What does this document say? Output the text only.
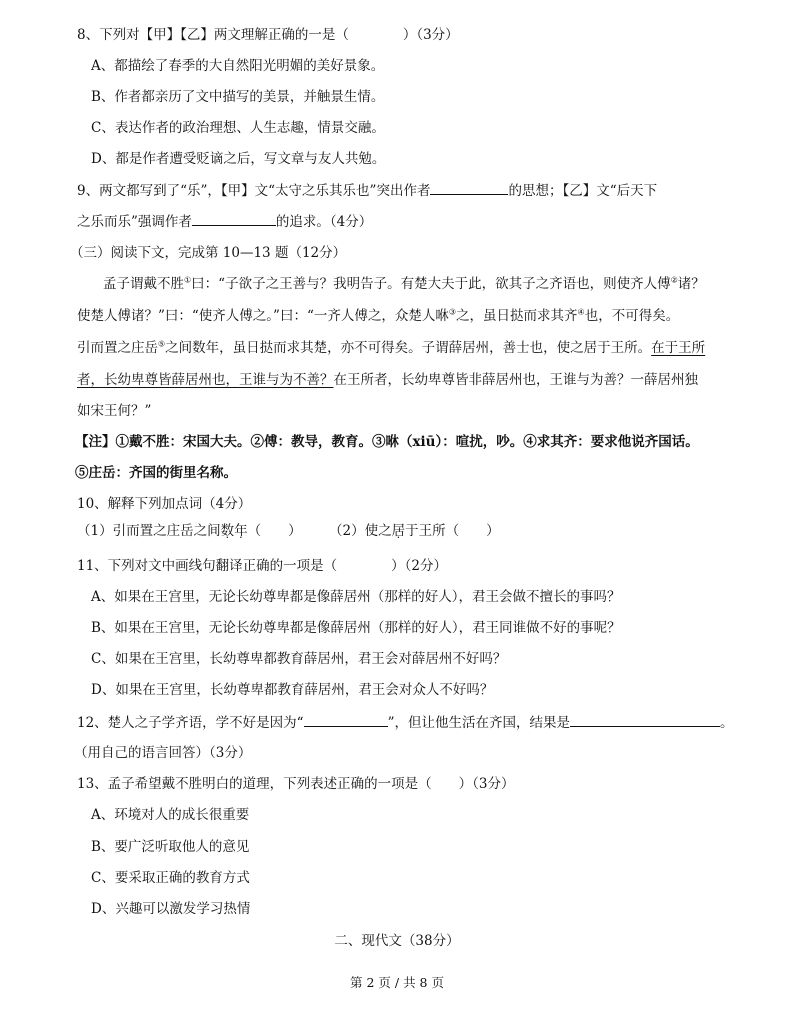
8、下列对【甲】【乙】两文理解正确的一是（　　　　）（3分）
A、都描绘了春季的大自然阳光明媚的美好景象。
B、作者都亲历了文中描写的美景，并触景生情。
C、表达作者的政治理想、人生志趣，情景交融。
D、都是作者遭受贬谪之后，写文章与友人共勉。
9、两文都写到了“乐”，【甲】文“太守之乐其乐也”突出作者	的思想；【乙】文“后天下
之乐而乐”强调作者	的追求。（4分）
（三）阅读下文，完成第 10—13 题（12分）
孟子谓戴不胜①曰：“子欲子之王善与？我明告子。有楚大夫于此，欲其子之齐语也，则使齐人傅②诸？
使楚人傅诸？”曰：“使齐人傅之。”曰：“一齐人傅之，众楚人咻③之，虽日挞而求其齐④也，不可得矣。
引而置之庄岳⑤之间数年，虽日挞而求其楚，亦不可得矣。子谓薛居州，善士也，使之居于王所。在于王所
者，长幼卑尊皆薛居州也，王谁与为不善？在王所者，长幼卑尊皆非薛居州也，王谁与为善？一薛居州独
如宋王何？”
【注】①戴不胜：宋国大夫。②傅：教导，教育。③咻（xiū）：喧扰，吵。④求其齐：要求他说齐国话。
⑤庄岳：齐国的街里名称。
10、解释下列加点词（4分）
（1）引而置之庄岳之间数年（　　） （2）使之居于王所（　　）
11、下列对文中画线句翻译正确的一项是（　　　　）（2分）
A、如果在王宫里，无论长幼尊卑都是像薛居州（那样的好人），君王会做不擅长的事吗？
B、如果在王宫里，无论长幼尊卑都是像薛居州（那样的好人），君王同谁做不好的事呢？
C、如果在王宫里，长幼尊卑都教育薛居州，君王会对薛居州不好吗？
D、如果在王宫里，长幼尊卑都教育薛居州，君王会对众人不好吗？
12、楚人之子学齐语，学不好是因为“	”，但让他生活在齐国，结果是	。
（用自己的语言回答）（3分）
13、孟子希望戴不胜明白的道理，下列表述正确的一项是（　　）（3分）
A、环境对人的成长很重要
B、要广泛听取他人的意见
C、要采取正确的教育方式
D、兴趣可以激发学习热情
二、现代文（38分）
第 2 页 / 共 8 页
